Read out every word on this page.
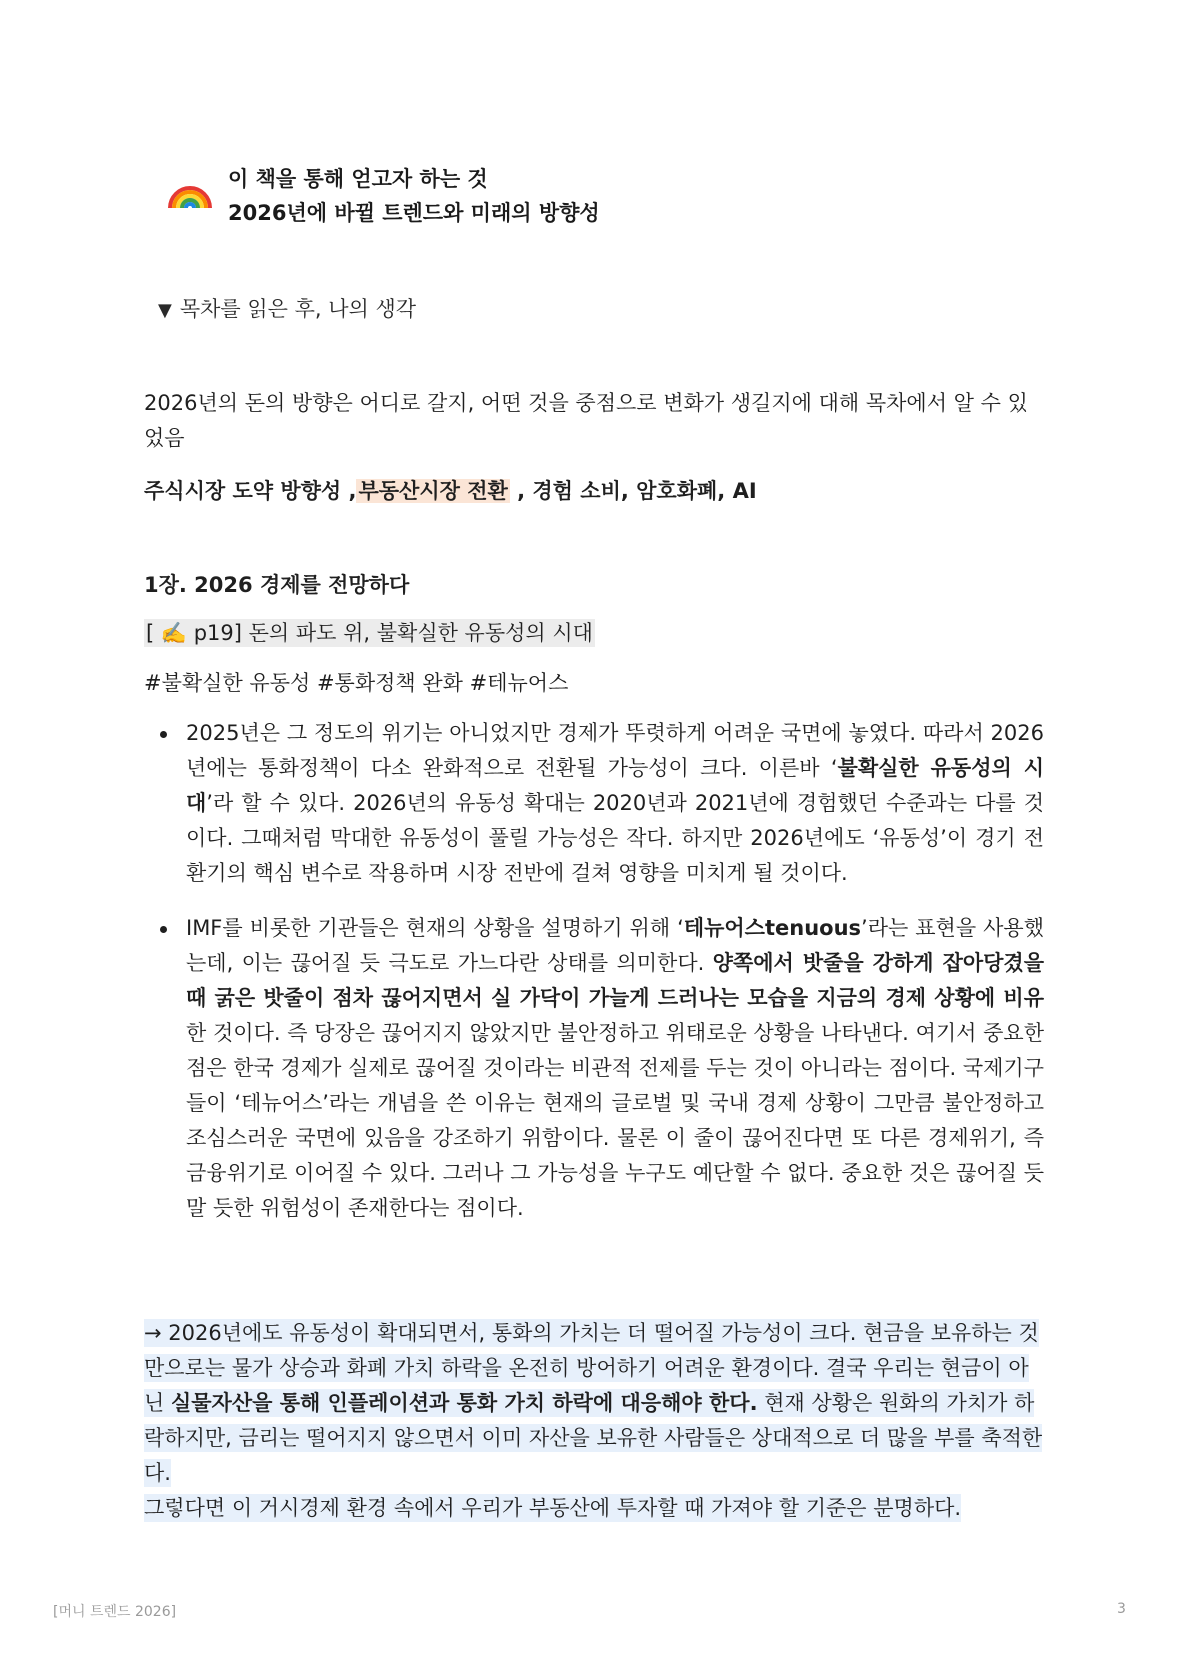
이 책을 통해 얻고자 하는 것
2026년에 바뀔 트렌드와 미래의 방향성
▼ 목차를 읽은 후, 나의 생각
2026년의 돈의 방향은 어디로 갈지, 어떤 것을 중점으로 변화가 생길지에 대해 목차에서 알 수 있었음
주식시장 도약 방향성 ,부동산시장 전환 , 경험 소비, 암호화폐, AI
1장. 2026 경제를 전망하다
[ ✍️ p19] 돈의 파도 위, 불확실한 유동성의 시대
#불확실한 유동성 #통화정책 완화 #테뉴어스
2025년은 그 정도의 위기는 아니었지만 경제가 뚜렷하게 어려운 국면에 놓였다. 따라서 2026년에는 통화정책이 다소 완화적으로 전환될 가능성이 크다. 이른바 ‘불확실한 유동성의 시대’라 할 수 있다. 2026년의 유동성 확대는 2020년과 2021년에 경험했던 수준과는 다를 것이다. 그때처럼 막대한 유동성이 풀릴 가능성은 작다. 하지만 2026년에도 ‘유동성’이 경기 전환기의 핵심 변수로 작용하며 시장 전반에 걸쳐 영향을 미치게 될 것이다.
IMF를 비롯한 기관들은 현재의 상황을 설명하기 위해 ‘테뉴어스tenuous’라는 표현을 사용했는데, 이는 끊어질 듯 극도로 가느다란 상태를 의미한다. 양쪽에서 밧줄을 강하게 잡아당겼을 때 굵은 밧줄이 점차 끊어지면서 실 가닥이 가늘게 드러나는 모습을 지금의 경제 상황에 비유한 것이다. 즉 당장은 끊어지지 않았지만 불안정하고 위태로운 상황을 나타낸다. 여기서 중요한 점은 한국 경제가 실제로 끊어질 것이라는 비관적 전제를 두는 것이 아니라는 점이다. 국제기구들이 ‘테뉴어스’라는 개념을 쓴 이유는 현재의 글로벌 및 국내 경제 상황이 그만큼 불안정하고 조심스러운 국면에 있음을 강조하기 위함이다. 물론 이 줄이 끊어진다면 또 다른 경제위기, 즉 금융위기로 이어질 수 있다. 그러나 그 가능성을 누구도 예단할 수 없다. 중요한 것은 끊어질 듯 말 듯한 위험성이 존재한다는 점이다.
→ 2026년에도 유동성이 확대되면서, 통화의 가치는 더 떨어질 가능성이 크다. 현금을 보유하는 것만으로는 물가 상승과 화폐 가치 하락을 온전히 방어하기 어려운 환경이다. 결국 우리는 현금이 아닌 실물자산을 통해 인플레이션과 통화 가치 하락에 대응해야 한다. 현재 상황은 원화의 가치가 하락하지만, 금리는 떨어지지 않으면서 이미 자산을 보유한 사람들은 상대적으로 더 많을 부를 축적한다.
그렇다면 이 거시경제 환경 속에서 우리가 부동산에 투자할 때 가져야 할 기준은 분명하다.
[머니 트렌드 2026]	3
